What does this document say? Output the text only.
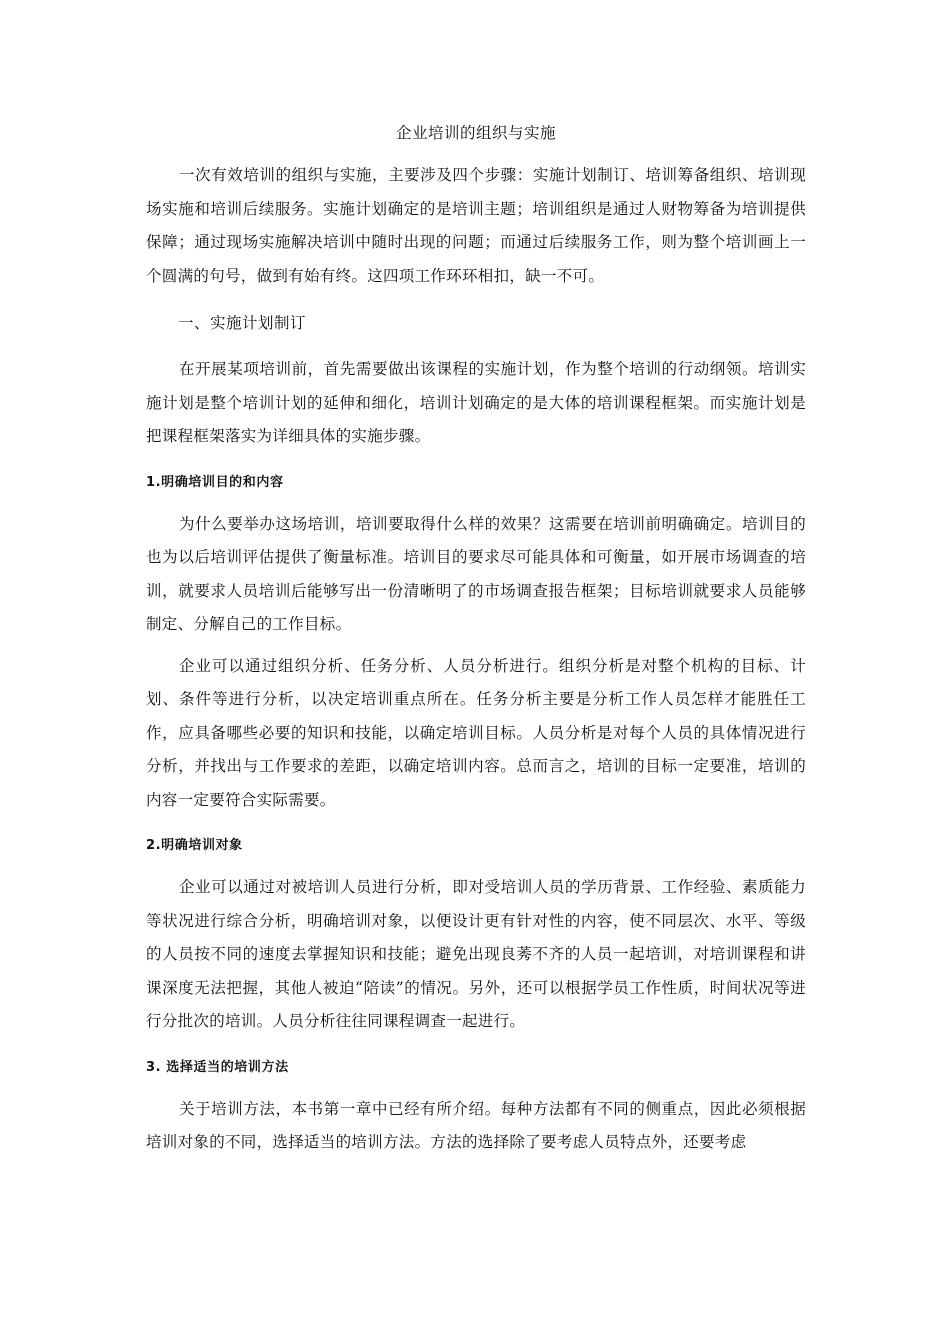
企业培训的组织与实施

一次有效培训的组织与实施，主要涉及四个步骤：实施计划制订、培训筹备组织、培训现场实施和培训后续服务。实施计划确定的是培训主题；培训组织是通过人财物筹备为培训提供保障；通过现场实施解决培训中随时出现的问题；而通过后续服务工作，则为整个培训画上一个圆满的句号，做到有始有终。这四项工作环环相扣，缺一不可。

一、实施计划制订

在开展某项培训前，首先需要做出该课程的实施计划，作为整个培训的行动纲领。培训实施计划是整个培训计划的延伸和细化，培训计划确定的是大体的培训课程框架。而实施计划是把课程框架落实为详细具体的实施步骤。

1.明确培训目的和内容

为什么要举办这场培训，培训要取得什么样的效果？这需要在培训前明确确定。培训目的也为以后培训评估提供了衡量标准。培训目的要求尽可能具体和可衡量，如开展市场调查的培训，就要求人员培训后能够写出一份清晰明了的市场调查报告框架；目标培训就要求人员能够制定、分解自己的工作目标。

企业可以通过组织分析、任务分析、人员分析进行。组织分析是对整个机构的目标、计划、条件等进行分析，以决定培训重点所在。任务分析主要是分析工作人员怎样才能胜任工作，应具备哪些必要的知识和技能，以确定培训目标。人员分析是对每个人员的具体情况进行分析，并找出与工作要求的差距，以确定培训内容。总而言之，培训的目标一定要准，培训的内容一定要符合实际需要。

2.明确培训对象

企业可以通过对被培训人员进行分析，即对受培训人员的学历背景、工作经验、素质能力等状况进行综合分析，明确培训对象，以便设计更有针对性的内容，使不同层次、水平、等级的人员按不同的速度去掌握知识和技能；避免出现良莠不齐的人员一起培训，对培训课程和讲课深度无法把握，其他人被迫“陪读”的情况。另外，还可以根据学员工作性质，时间状况等进行分批次的培训。人员分析往往同课程调查一起进行。

3. 选择适当的培训方法

关于培训方法，本书第一章中已经有所介绍。每种方法都有不同的侧重点，因此必须根据培训对象的不同，选择适当的培训方法。方法的选择除了要考虑人员特点外，还要考虑
